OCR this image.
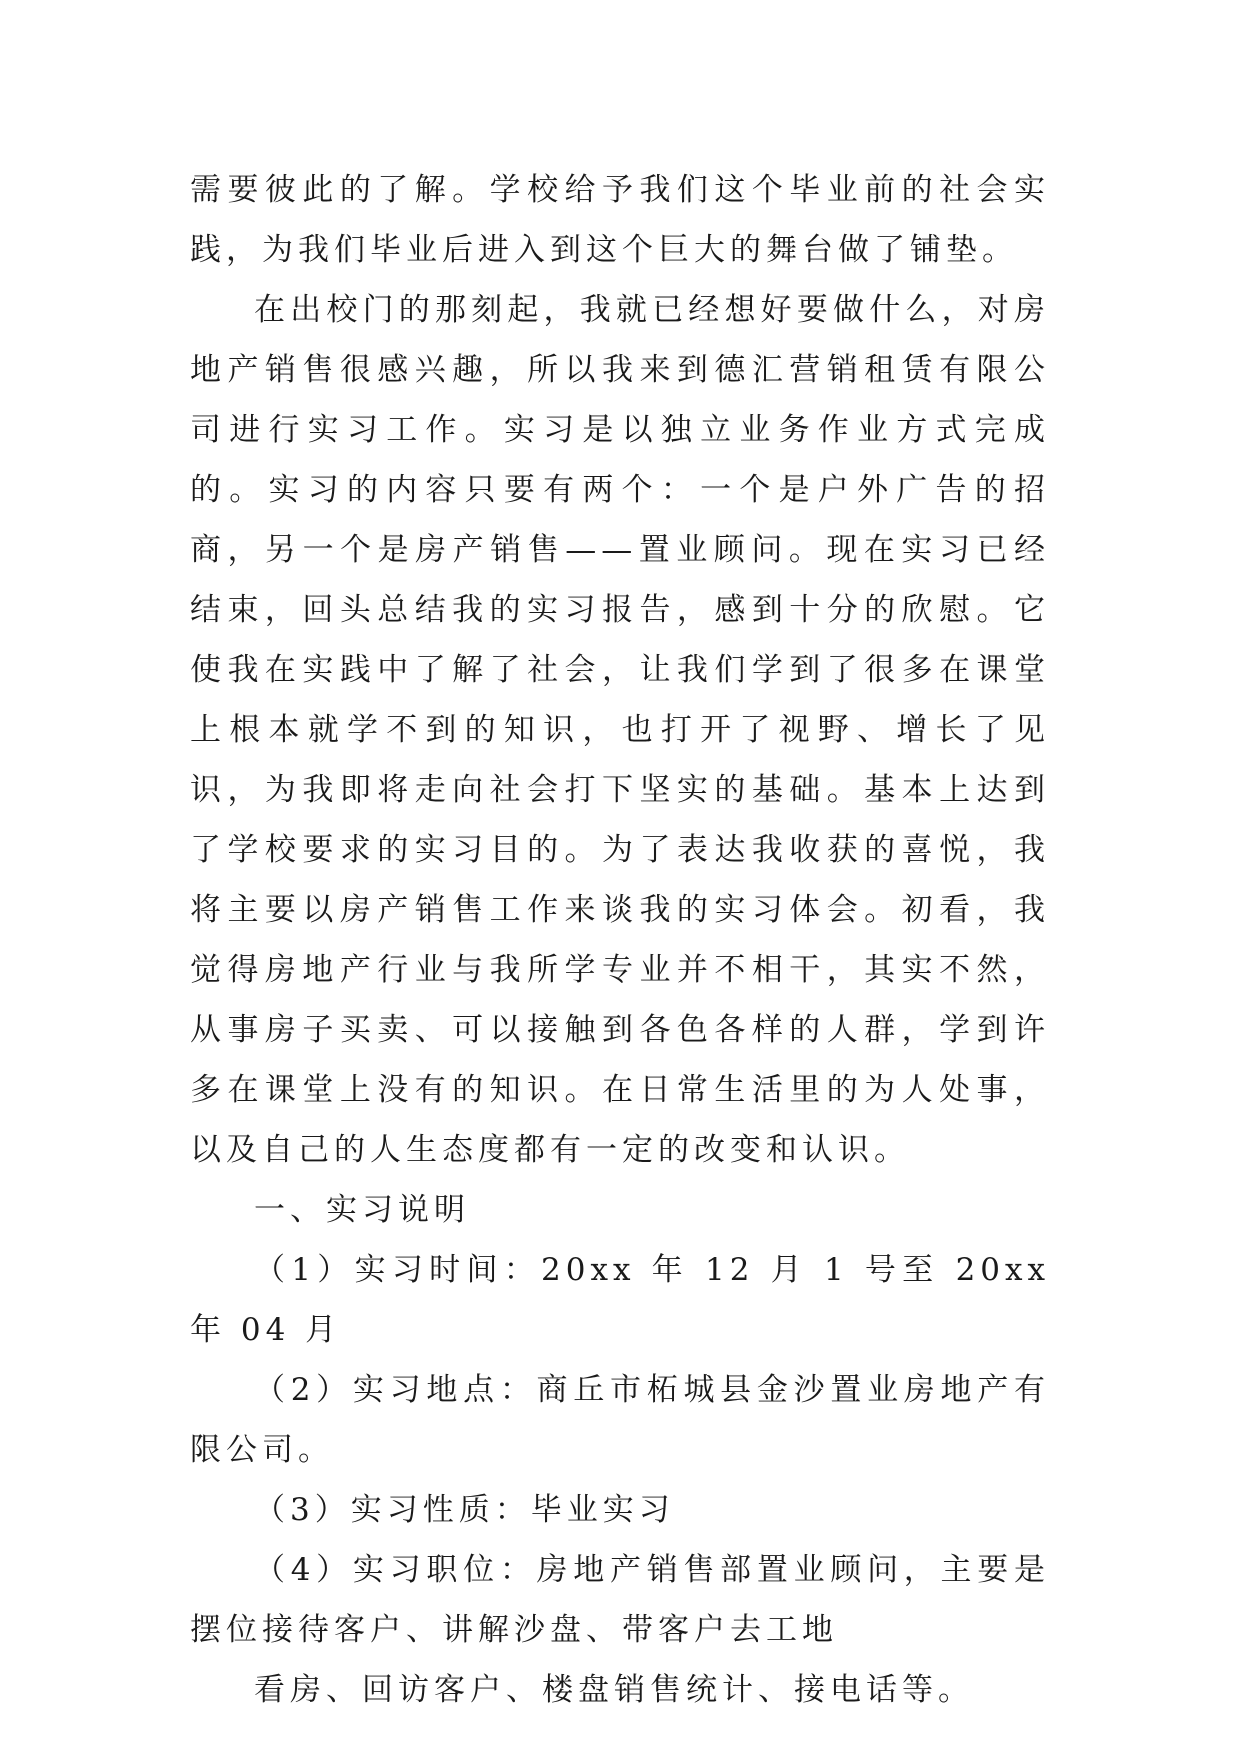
需要彼此的了解。学校给予我们这个毕业前的社会实践，为我们毕业后进入到这个巨大的舞台做了铺垫。

在出校门的那刻起，我就已经想好要做什么，对房地产销售很感兴趣，所以我来到德汇营销租赁有限公司进行实习工作。实习是以独立业务作业方式完成的。实习的内容只要有两个：一个是户外广告的招商，另一个是房产销售——置业顾问。现在实习已经结束，回头总结我的实习报告，感到十分的欣慰。它使我在实践中了解了社会，让我们学到了很多在课堂上根本就学不到的知识，也打开了视野、增长了见识，为我即将走向社会打下坚实的基础。基本上达到了学校要求的实习目的。为了表达我收获的喜悦，我将主要以房产销售工作来谈我的实习体会。初看，我觉得房地产行业与我所学专业并不相干，其实不然，从事房子买卖、可以接触到各色各样的人群，学到许多在课堂上没有的知识。在日常生活里的为人处事，以及自己的人生态度都有一定的改变和认识。

一、实习说明

（1）实习时间：20xx 年 12 月 1 号至 20xx 年 04 月

（2）实习地点：商丘市柘城县金沙置业房地产有限公司。

（3）实习性质：毕业实习

（4）实习职位：房地产销售部置业顾问，主要是摆位接待客户、讲解沙盘、带客户去工地

看房、回访客户、楼盘销售统计、接电话等。
